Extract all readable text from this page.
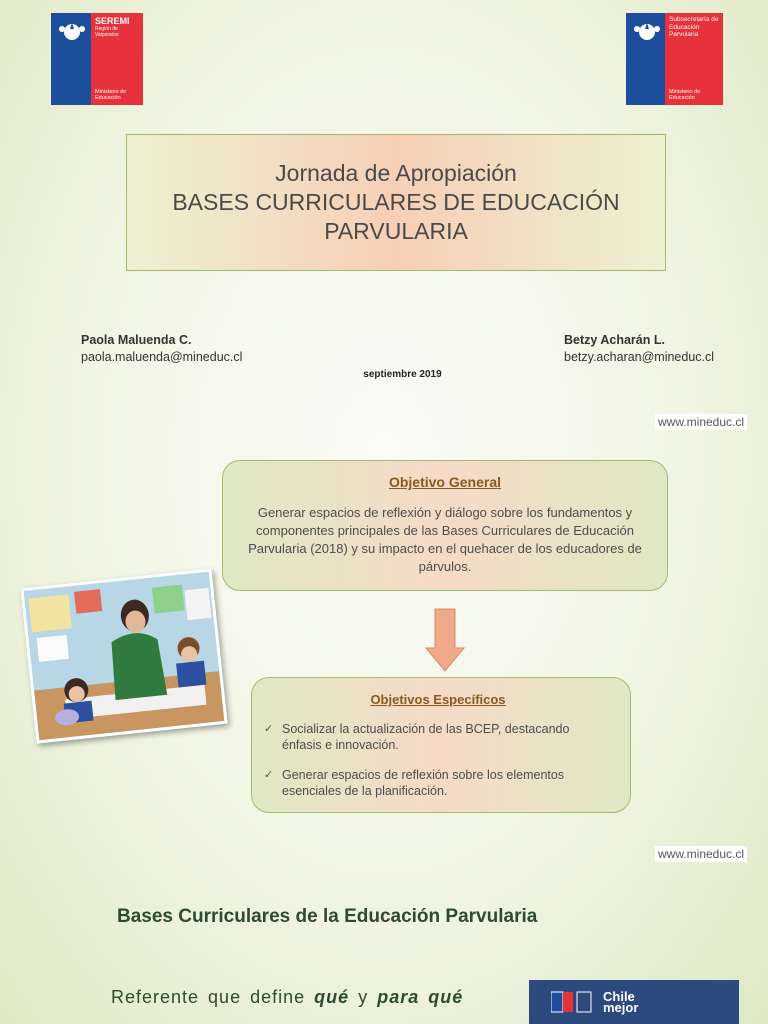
SEREMI
Región de Valparaíso
Ministerio de Educación
Subsecretaría de Educación Parvularia
Ministerio de Educación
Jornada de Apropiación
BASES CURRICULARES DE EDUCACIÓN
PARVULARIA
Paola Maluenda C.
paola.maluenda@mineduc.cl
Betzy Acharán L.
betzy.acharan@mineduc.cl
septiembre 2019
www.mineduc.cl
Objetivo General

Generar espacios de reflexión y diálogo sobre los fundamentos y componentes principales de las Bases Curriculares de Educación Parvularia (2018) y su impacto en el quehacer de los educadores de párvulos.

Objetivos Específicos
✓ Socializar la actualización de las BCEP, destacando énfasis e innovación.
✓ Generar espacios de reflexión sobre los elementos esenciales de la planificación.
www.mineduc.cl
Bases Curriculares de la Educación Parvularia
Referente que define qué y para qué	Chile
mejor
